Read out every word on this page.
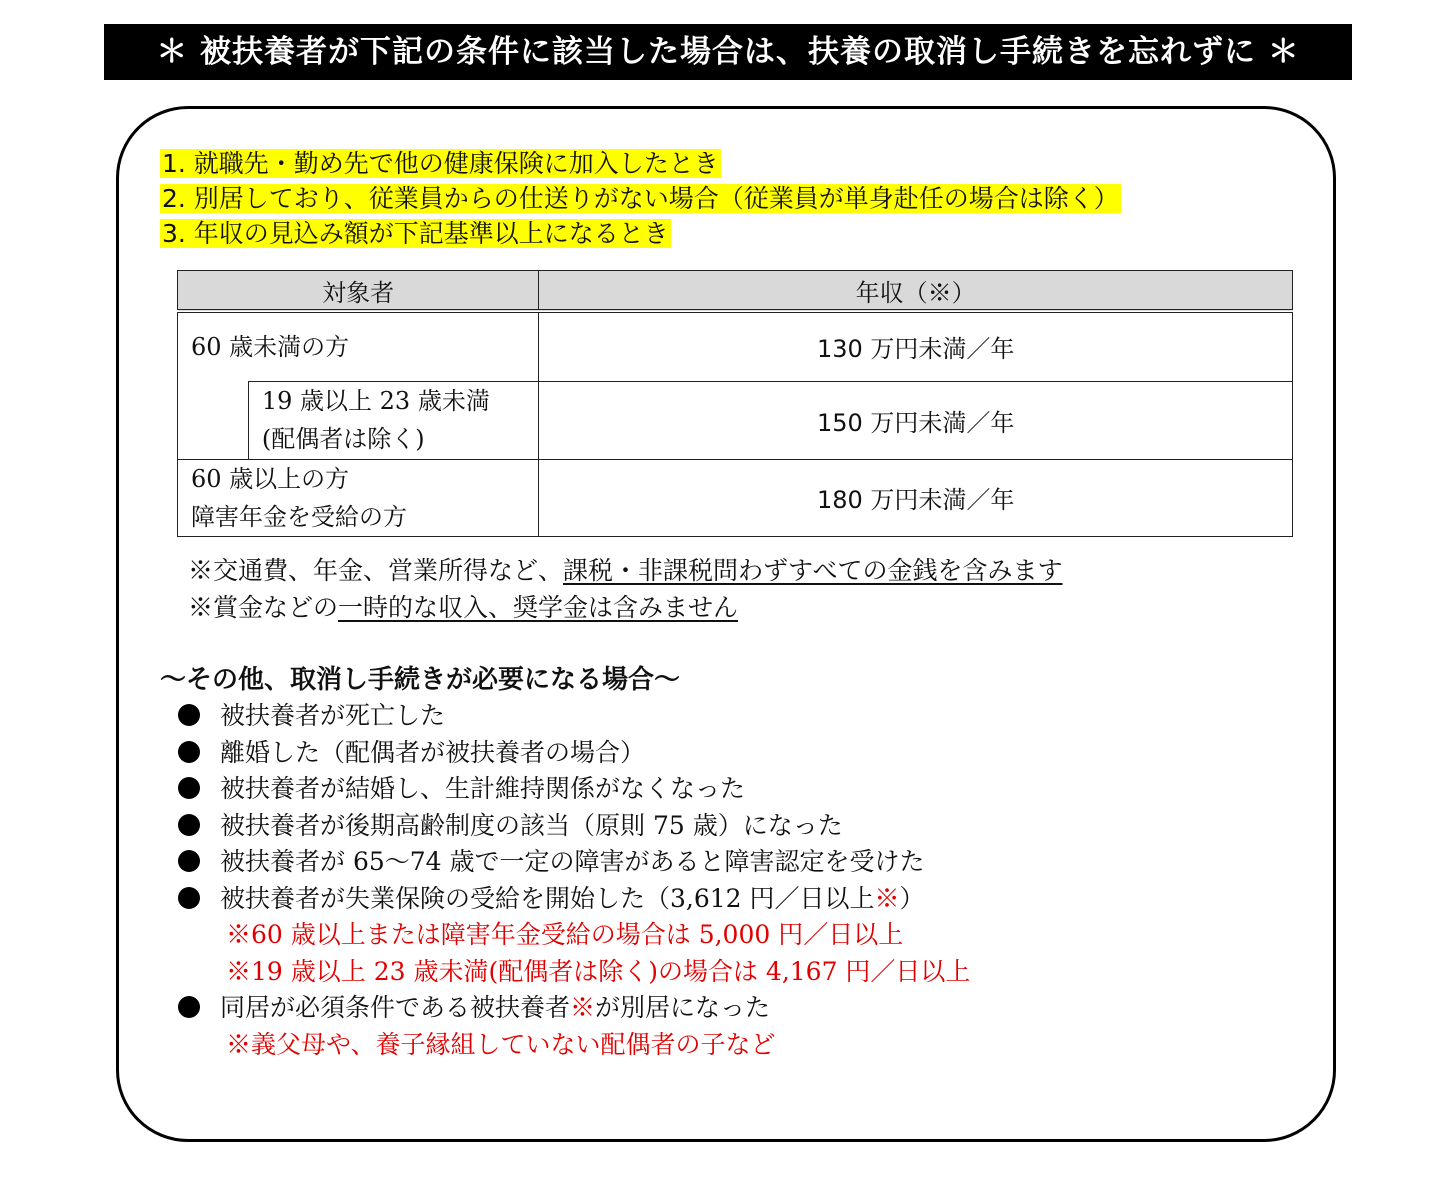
＊ 被扶養者が下記の条件に該当した場合は、扶養の取消し手続きを忘れずに ＊
1. 就職先・勤め先で他の健康保険に加入したとき
2. 別居しており、従業員からの仕送りがない場合（従業員が単身赴任の場合は除く）
3. 年収の見込み額が下記基準以上になるとき
対象者		年収（※）
60 歳未満の方		130 万円未満／年

	19 歳以上 23 歳未満
(配偶者は除く)	150 万円未満／年

60 歳以上の方
障害年金を受給の方		180 万円未満／年
※交通費、年金、営業所得など、課税・非課税問わずすべての金銭を含みます
※賞金などの一時的な収入、奨学金は含みません
～その他、取消し手続きが必要になる場合～
被扶養者が死亡した
離婚した（配偶者が被扶養者の場合）
被扶養者が結婚し、生計維持関係がなくなった
被扶養者が後期高齢制度の該当（原則 75 歳）になった
被扶養者が 65～74 歳で一定の障害があると障害認定を受けた
被扶養者が失業保険の受給を開始した（3,612 円／日以上※）
※60 歳以上または障害年金受給の場合は 5,000 円／日以上
※19 歳以上 23 歳未満(配偶者は除く)の場合は 4,167 円／日以上
同居が必須条件である被扶養者※が別居になった
※義父母や、養子縁組していない配偶者の子など
